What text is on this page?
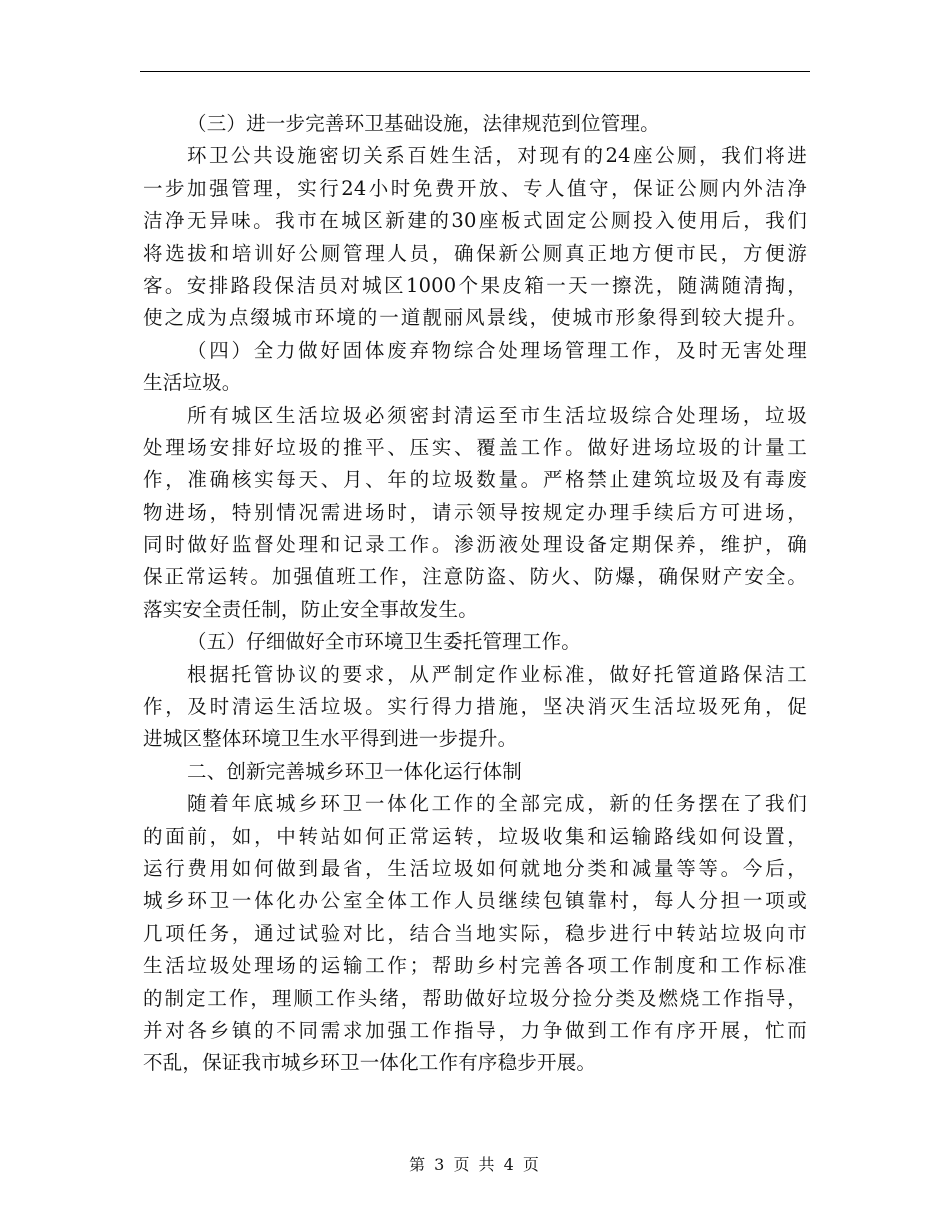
（三）进一步完善环卫基础设施，法律规范到位管理。
环卫公共设施密切关系百姓生活，对现有的24座公厕，我们将进
一步加强管理，实行24小时免费开放、专人值守，保证公厕内外洁净
洁净无异味。我市在城区新建的30座板式固定公厕投入使用后，我们
将选拔和培训好公厕管理人员，确保新公厕真正地方便市民，方便游
客。安排路段保洁员对城区1000个果皮箱一天一擦洗，随满随清掏，
使之成为点缀城市环境的一道靓丽风景线，使城市形象得到较大提升。
（四）全力做好固体废弃物综合处理场管理工作，及时无害处理
生活垃圾。
所有城区生活垃圾必须密封清运至市生活垃圾综合处理场，垃圾
处理场安排好垃圾的推平、压实、覆盖工作。做好进场垃圾的计量工
作，准确核实每天、月、年的垃圾数量。严格禁止建筑垃圾及有毒废
物进场，特别情况需进场时，请示领导按规定办理手续后方可进场，
同时做好监督处理和记录工作。渗沥液处理设备定期保养，维护，确
保正常运转。加强值班工作，注意防盗、防火、防爆，确保财产安全。
落实安全责任制，防止安全事故发生。
（五）仔细做好全市环境卫生委托管理工作。
根据托管协议的要求，从严制定作业标准，做好托管道路保洁工
作，及时清运生活垃圾。实行得力措施，坚决消灭生活垃圾死角，促
进城区整体环境卫生水平得到进一步提升。
二、创新完善城乡环卫一体化运行体制
随着年底城乡环卫一体化工作的全部完成，新的任务摆在了我们
的面前，如，中转站如何正常运转，垃圾收集和运输路线如何设置，
运行费用如何做到最省，生活垃圾如何就地分类和减量等等。今后，
城乡环卫一体化办公室全体工作人员继续包镇靠村，每人分担一项或
几项任务，通过试验对比，结合当地实际，稳步进行中转站垃圾向市
生活垃圾处理场的运输工作；帮助乡村完善各项工作制度和工作标准
的制定工作，理顺工作头绪，帮助做好垃圾分捡分类及燃烧工作指导，
并对各乡镇的不同需求加强工作指导，力争做到工作有序开展，忙而
不乱，保证我市城乡环卫一体化工作有序稳步开展。
第 3 页 共 4 页
